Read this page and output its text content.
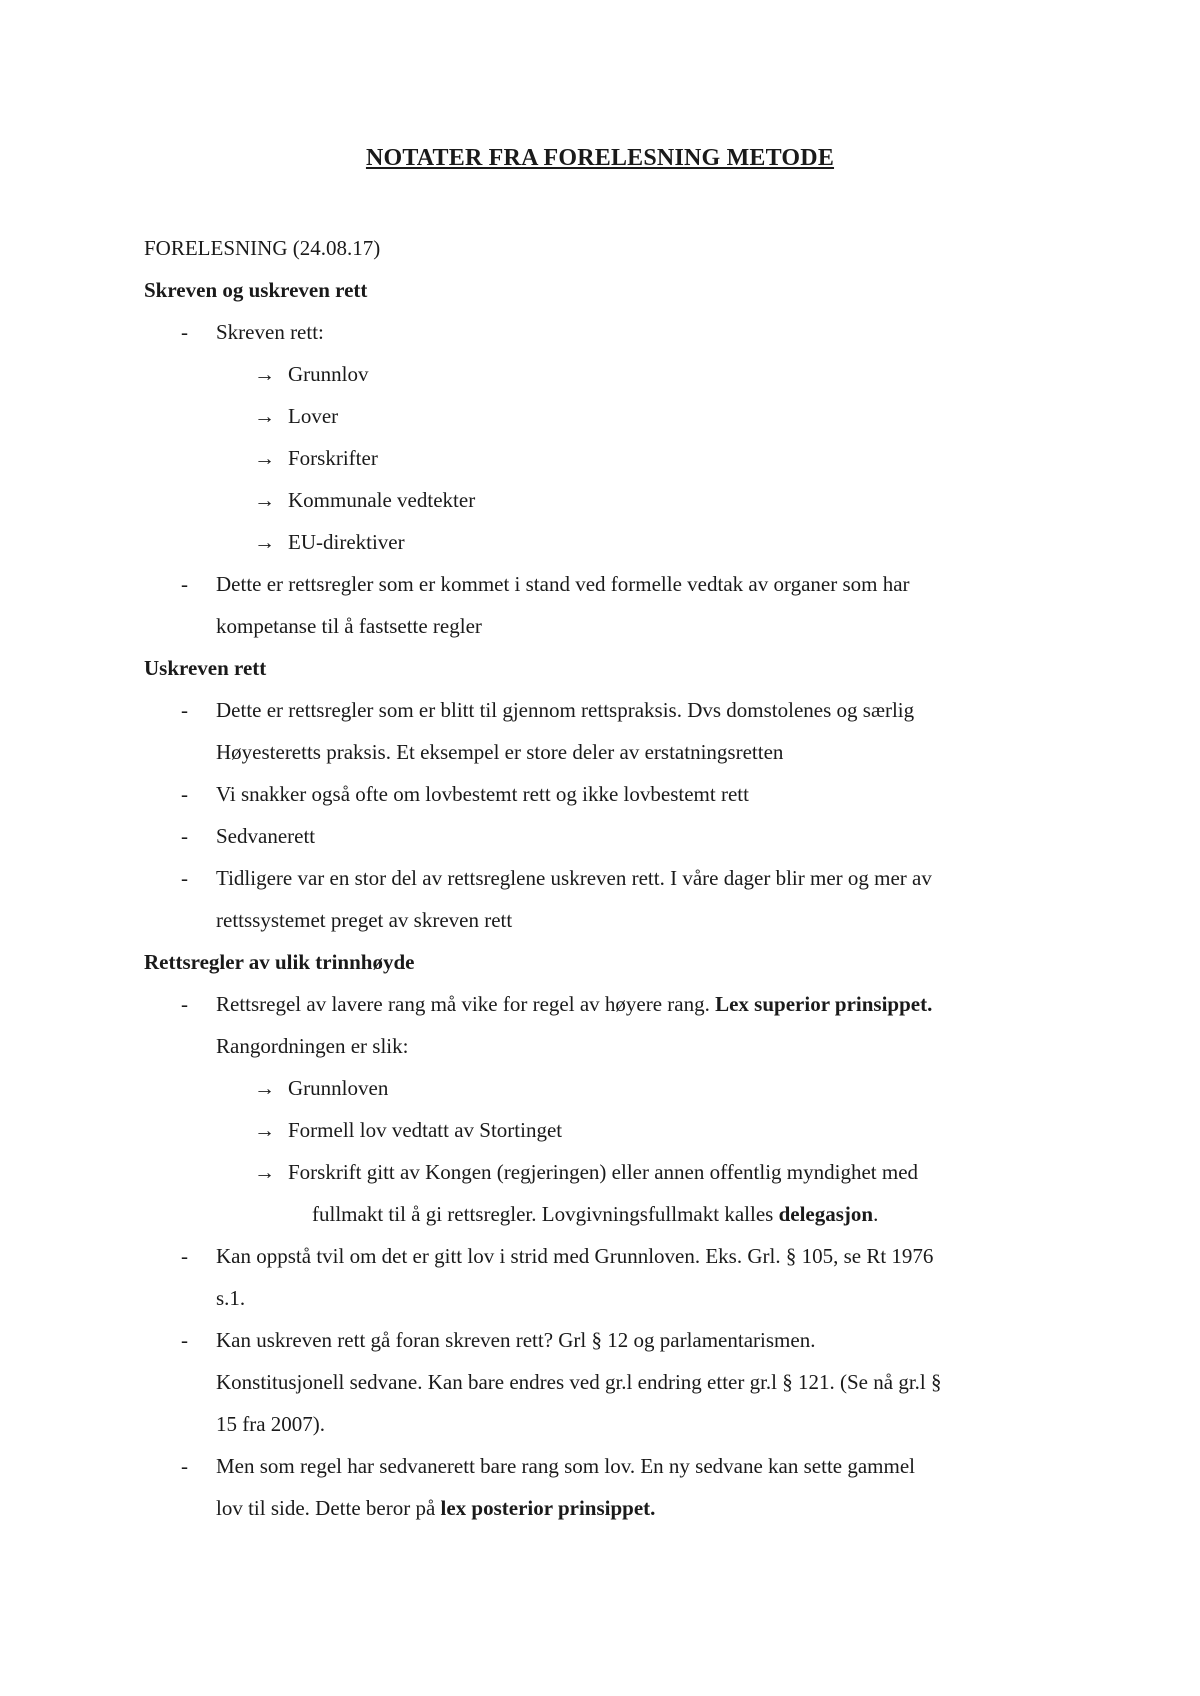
NOTATER FRA FORELESNING METODE
FORELESNING (24.08.17)
Skreven og uskreven rett
- Skreven rett:
→ Grunnlov
→ Lover
→ Forskrifter
→ Kommunale vedtekter
→ EU-direktiver
- Dette er rettsregler som er kommet i stand ved formelle vedtak av organer som har
kompetanse til å fastsette regler
Uskreven rett
- Dette er rettsregler som er blitt til gjennom rettspraksis. Dvs domstolenes og særlig
Høyesteretts praksis. Et eksempel er store deler av erstatningsretten
- Vi snakker også ofte om lovbestemt rett og ikke lovbestemt rett
- Sedvanerett
- Tidligere var en stor del av rettsreglene uskreven rett. I våre dager blir mer og mer av
rettssystemet preget av skreven rett
Rettsregler av ulik trinnhøyde
- Rettsregel av lavere rang må vike for regel av høyere rang. Lex superior prinsippet.
Rangordningen er slik:
→ Grunnloven
→ Formell lov vedtatt av Stortinget
→ Forskrift gitt av Kongen (regjeringen) eller annen offentlig myndighet med
fullmakt til å gi rettsregler. Lovgivningsfullmakt kalles delegasjon.
- Kan oppstå tvil om det er gitt lov i strid med Grunnloven. Eks. Grl. § 105, se Rt 1976
s.1.
- Kan uskreven rett gå foran skreven rett? Grl § 12 og parlamentarismen.
Konstitusjonell sedvane. Kan bare endres ved gr.l endring etter gr.l § 121. (Se nå gr.l §
15 fra 2007).
- Men som regel har sedvanerett bare rang som lov. En ny sedvane kan sette gammel
lov til side. Dette beror på lex posterior prinsippet.
